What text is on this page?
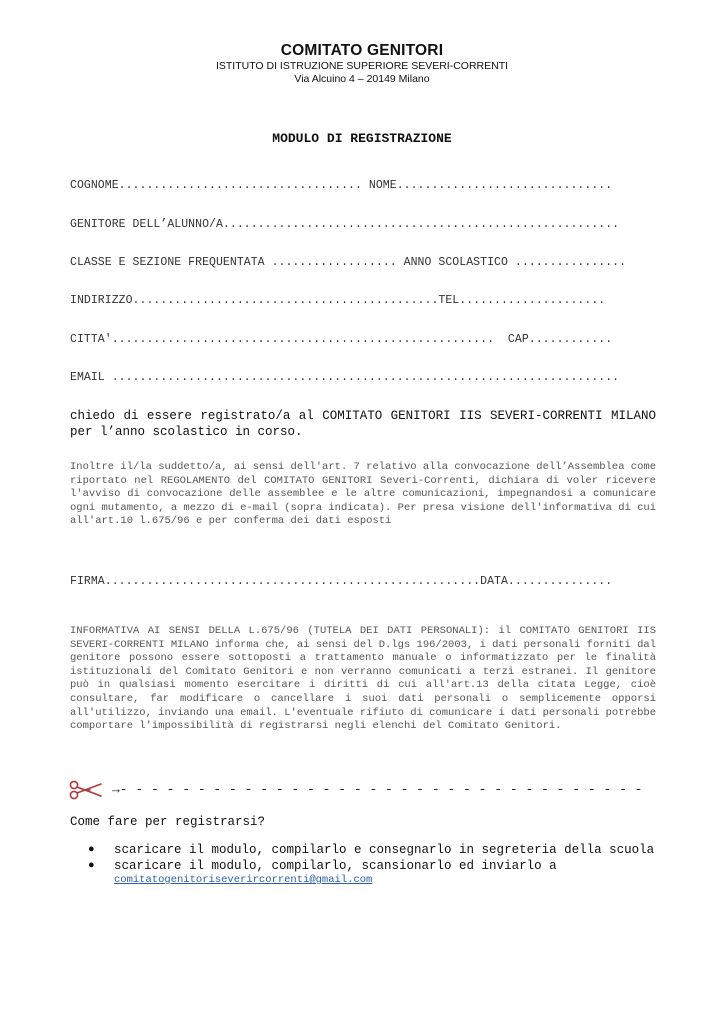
COMITATO GENITORI
ISTITUTO DI ISTRUZIONE SUPERIORE SEVERI-CORRENTI
Via Alcuino 4 – 20149 Milano
MODULO DI REGISTRAZIONE
COGNOME................................... NOME...............................
GENITORE DELL’ALUNNO/A.........................................................
CLASSE E SEZIONE FREQUENTATA .................. ANNO SCOLASTICO ................
INDIRIZZO............................................TEL.....................
CITTA'.......................................................  CAP............
EMAIL .........................................................................
chiedo di essere registrato/a al COMITATO GENITORI IIS SEVERI-CORRENTI MILANO per l’anno scolastico in corso.
Inoltre il/la suddetto/a, ai sensi dell'art. 7 relativo alla convocazione dell’Assemblea come riportato nel REGOLAMENTO del COMITATO GENITORI Severi-Correnti, dichiara di voler ricevere l'avviso di convocazione delle assemblee e le altre comunicazioni, impegnandosi a comunicare ogni mutamento, a mezzo di e-mail (sopra indicata). Per presa visione dell'informativa di cui all'art.10 l.675/96 e per conferma dei dati esposti
FIRMA......................................................DATA...............
INFORMATIVA AI SENSI DELLA L.675/96 (TUTELA DEI DATI PERSONALI): il COMITATO GENITORI IIS SEVERI-CORRENTI MILANO informa che, ai sensi del D.lgs 196/2003, i dati personali forniti dal genitore possono essere sottoposti a trattamento manuale o informatizzato per le finalità istituzionali del Comitato Genitori e non verranno comunicati a terzi estranei. Il genitore può in qualsiasi momento esercitare i diritti di cui all'art.13 della citata Legge, cioè consultare, far modificare o cancellare i suoi dati personali o semplicemente opporsi all'utilizzo, inviando una email. L'eventuale rifiuto di comunicare i dati personali potrebbe comportare l'impossibilità di registrarsi negli elenchi del Comitato Genitori.
→- - - - - - - - - - - - - - - - - - - - - - - - - - - - - - - - - -
Come fare per registrarsi?
● scaricare il modulo, compilarlo e consegnarlo in segreteria della scuola
● scaricare il modulo, compilarlo, scansionarlo ed inviarlo a
comitatogenitoriseverircorrenti@gmail.com
